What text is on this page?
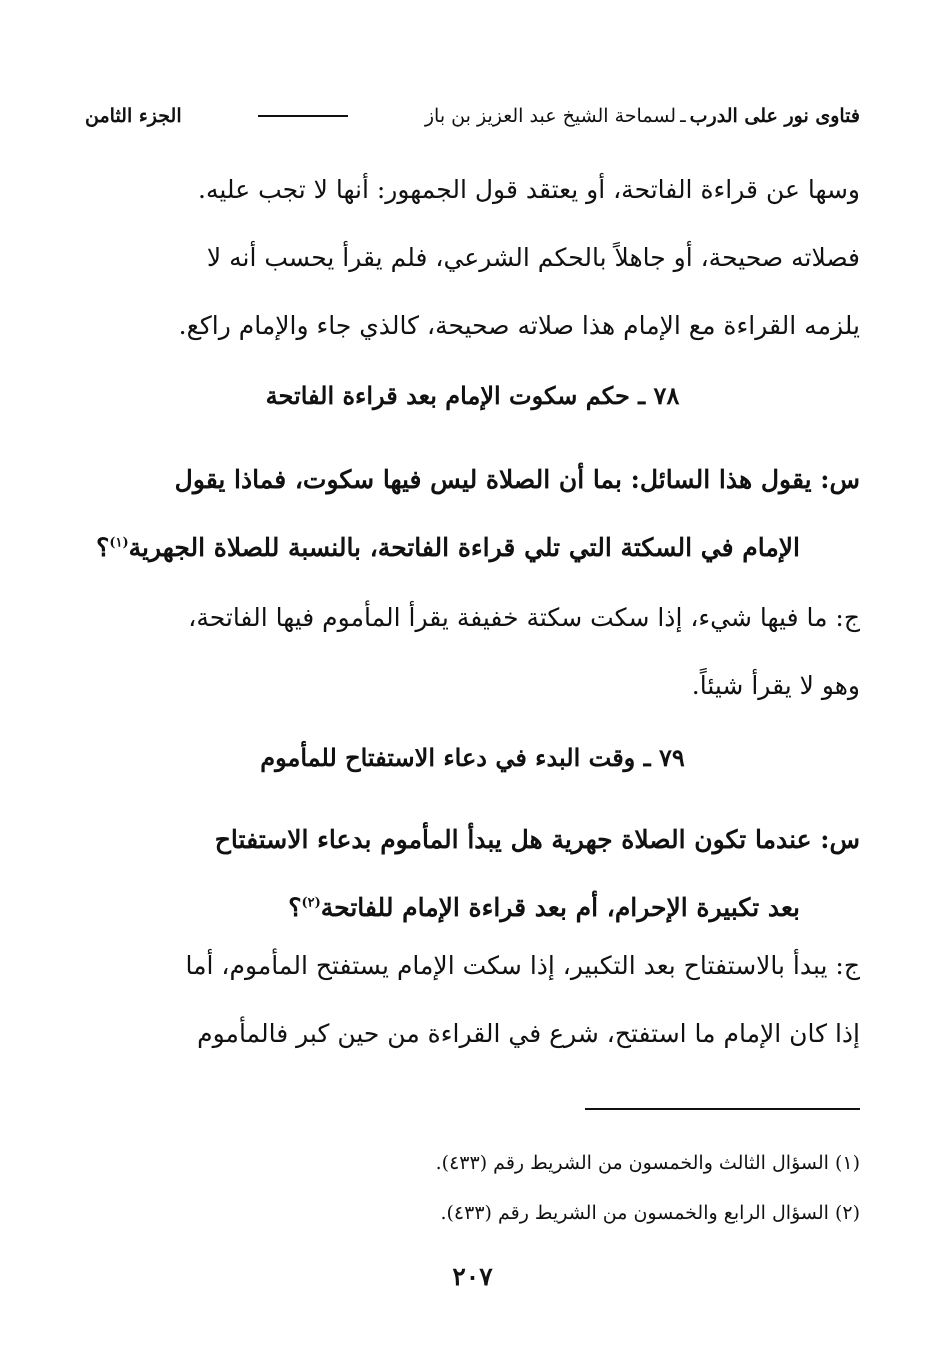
فتاوى نور على الدرب
ـ
لسماحة الشيخ عبد العزيز بن باز
الجزء الثامن
وسها عن قراءة الفاتحة، أو يعتقد قول الجمهور: أنها لا تجب عليه.
فصلاته صحيحة، أو جاهلاً بالحكم الشرعي، فلم يقرأ يحسب أنه لا
يلزمه القراءة مع الإمام هذا صلاته صحيحة، كالذي جاء والإمام راكع.
٧٨ ـ حكم سكوت الإمام بعد قراءة الفاتحة
س: يقول هذا السائل: بما أن الصلاة ليس فيها سكوت، فماذا يقول
الإمام في السكتة التي تلي قراءة الفاتحة، بالنسبة للصلاة الجهرية$^{(١)}$؟
ج: ما فيها شيء، إذا سكت سكتة خفيفة يقرأ المأموم فيها الفاتحة،
وهو لا يقرأ شيئاً.
٧٩ ـ وقت البدء في دعاء الاستفتاح للمأموم
س: عندما تكون الصلاة جهرية هل يبدأ المأموم بدعاء الاستفتاح
بعد تكبيرة الإحرام، أم بعد قراءة الإمام للفاتحة$^{(٢)}$؟
ج: يبدأ بالاستفتاح بعد التكبير، إذا سكت الإمام يستفتح المأموم، أما
إذا كان الإمام ما استفتح، شرع في القراءة من حين كبر فالمأموم
(١) السؤال الثالث والخمسون من الشريط رقم (٤٣٣).
(٢) السؤال الرابع والخمسون من الشريط رقم (٤٣٣).
٢٠٧
